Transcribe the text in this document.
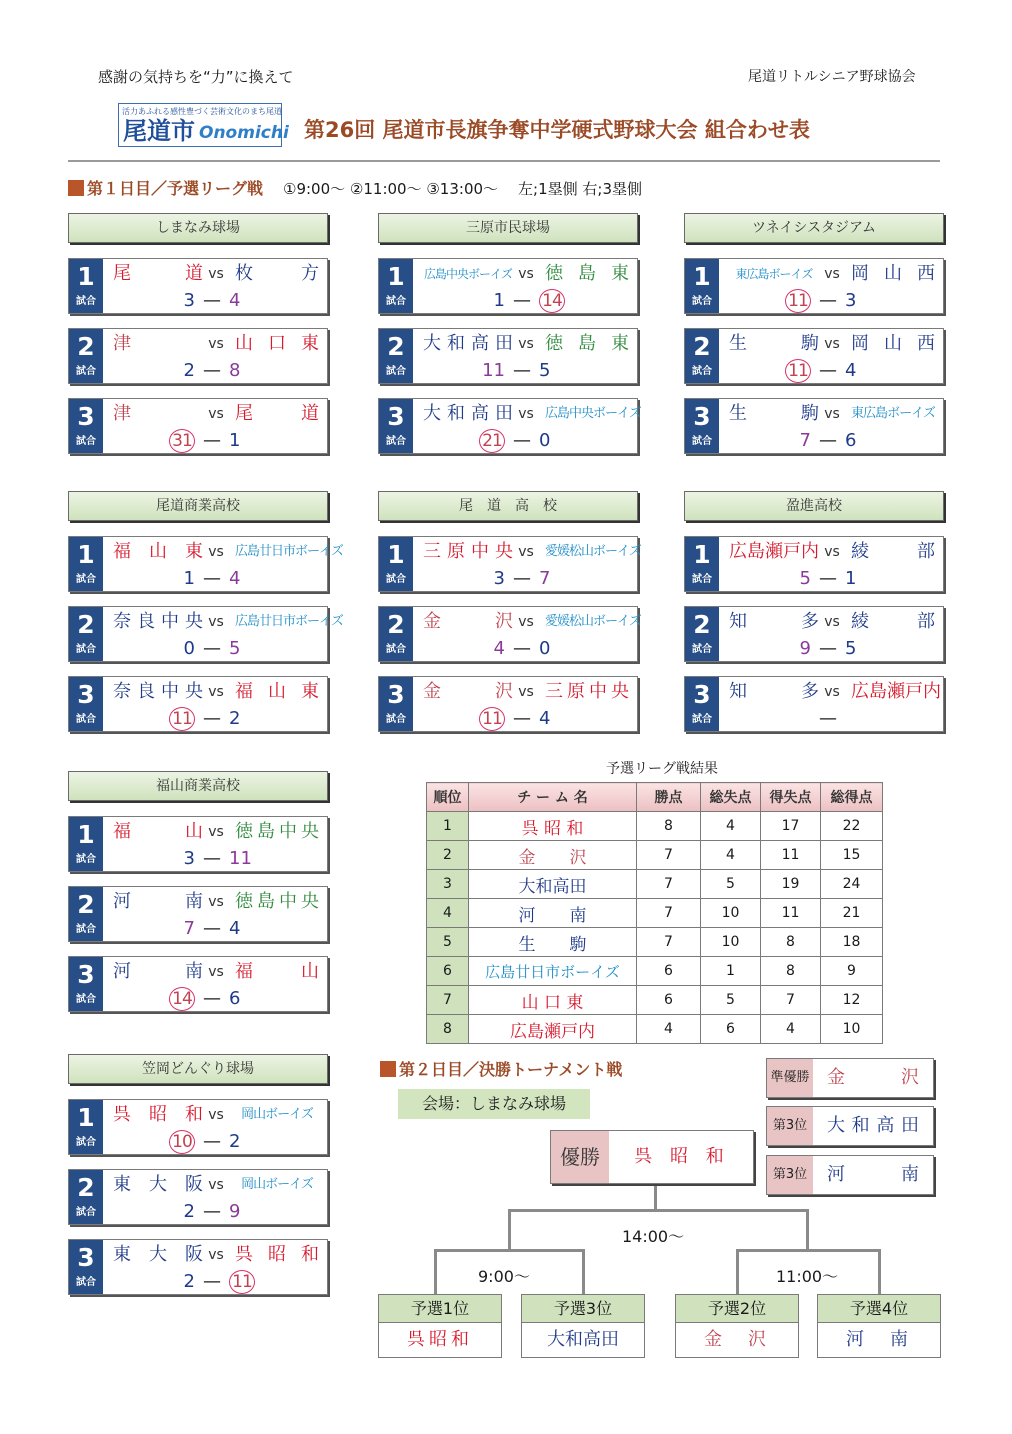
感謝の気持ちを“力”に換えて	尾道リトルシニア野球協会
活力あふれる感性豊づく芸術文化のまち尾道
尾道市 Onomichi 第26回 尾道市長旗争奪中学硬式野球大会 組合わせ表
第１日目／予選リーグ戦 ①9:00～ ②11:00～ ③13:00～ 左;1塁側 右;3塁側
しまなみ球場
1
試合
尾　道 vs 枚　方
3 — 4
2
試合
津	vs 山口東
2 — 8
3
試合
津	vs 尾　道
31 — 1
三原市民球場
1
試合
広島中央ボーイズ vs 徳島東
1 — 14
2
試合
大和高田 vs 徳島東
11 — 5
3
試合
大和高田 vs 広島中央ボーイズ
21 — 0
ツネイシスタジアム
1
試合
東広島ボーイズ vs 岡山西
11 — 3
2
試合
生　駒 vs 岡山西
11 — 4
3
試合
生　駒 vs 東広島ボーイズ
7 — 6
尾道商業高校
1
試合
福山東 vs 広島廿日市ボーイズ
1 — 4
2
試合
奈良中央 vs 広島廿日市ボーイズ
0 — 5
3
試合
奈良中央 vs 福山東
11 — 2
尾　道　高　校
1
試合
三原中央 vs 愛媛松山ボーイズ
3 — 7
2
試合
金　沢 vs 愛媛松山ボーイズ
4 — 0
3
試合
金　沢 vs 三原中央
11 — 4
盈進高校
1
試合
広島瀬戸内 vs 綾　部
5 — 1
2
試合
知　多 vs 綾　部
9 — 5
3
試合
知　多 vs 広島瀬戸内
—
福山商業高校
1
試合
福　山 vs 徳島中央
3 — 11
2
試合
河　南 vs 徳島中央
7 — 4
3
試合
河　南 vs 福　山
14 — 6
笠岡どんぐり球場
1
試合
呉昭和 vs	岡山ボーイズ
10 — 2
2
試合
東大阪 vs	岡山ボーイズ
2 — 9
3
試合
東大阪 vs 呉昭和
2 — 11
予選リーグ戦結果
順位	チ ー ム 名	勝点	総失点	得失点	総得点
1	呉 昭 和	8	4	17	22
2	金　　沢	7	4	11	15
3	大和高田	7	5	19	24
4	河　　南	7	10	11	21
5	生　　駒	7	10	8	18
6	広島廿日市ボーイズ	6	1	8	9
7	山 口 東	6	5	7	12
8	広島瀬戸内	4	6	4	10
第２日目／決勝トーナメント戦
会場：しまなみ球場
優勝	呉 昭 和
準優勝 金　沢
第3位	大和高田
第3位	河　南
14:00～
9:00～	11:00～
予選1位
呉昭和
予選3位
大和高田
予選2位
金　沢
予選4位
河　南
